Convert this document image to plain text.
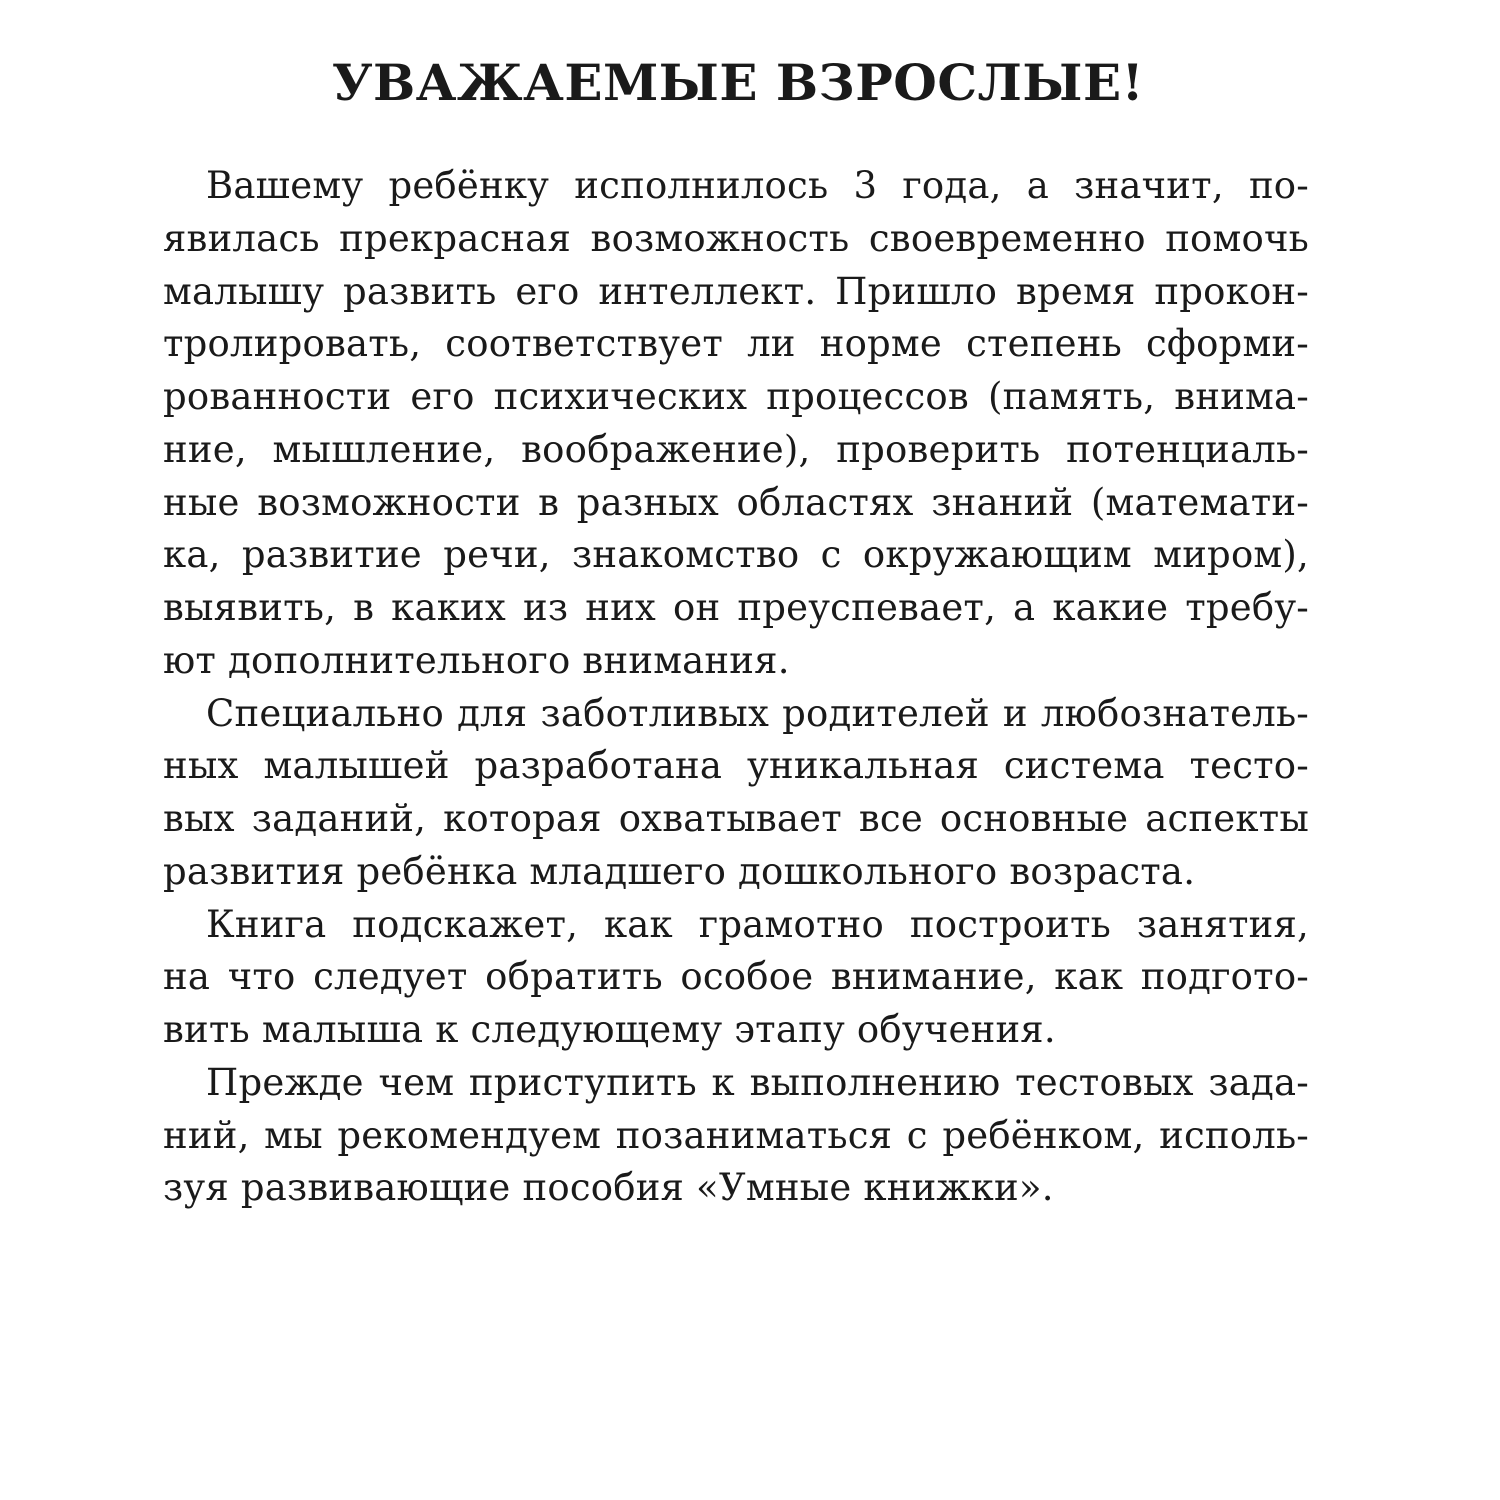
УВАЖАЕМЫЕ ВЗРОСЛЫЕ!
Вашему ребёнку исполнилось 3 года, а значит, по-
явилась прекрасная возможность своевременно помочь
малышу развить его интеллект. Пришло время прокон-
тролировать, соответствует ли норме степень сформи-
рованности его психических процессов (память, внима-
ние, мышление, воображение), проверить потенциаль-
ные возможности в разных областях знаний (математи-
ка, развитие речи, знакомство с окружающим миром),
выявить, в каких из них он преуспевает, а какие требу-
ют дополнительного внимания.
Специально для заботливых родителей и любознатель-
ных малышей разработана уникальная система тесто-
вых заданий, которая охватывает все основные аспекты
развития ребёнка младшего дошкольного возраста.
Книга подскажет, как грамотно построить занятия,
на что следует обратить особое внимание, как подгото-
вить малыша к следующему этапу обучения.
Прежде чем приступить к выполнению тестовых зада-
ний, мы рекомендуем позаниматься с ребёнком, исполь-
зуя развивающие пособия «Умные книжки».
